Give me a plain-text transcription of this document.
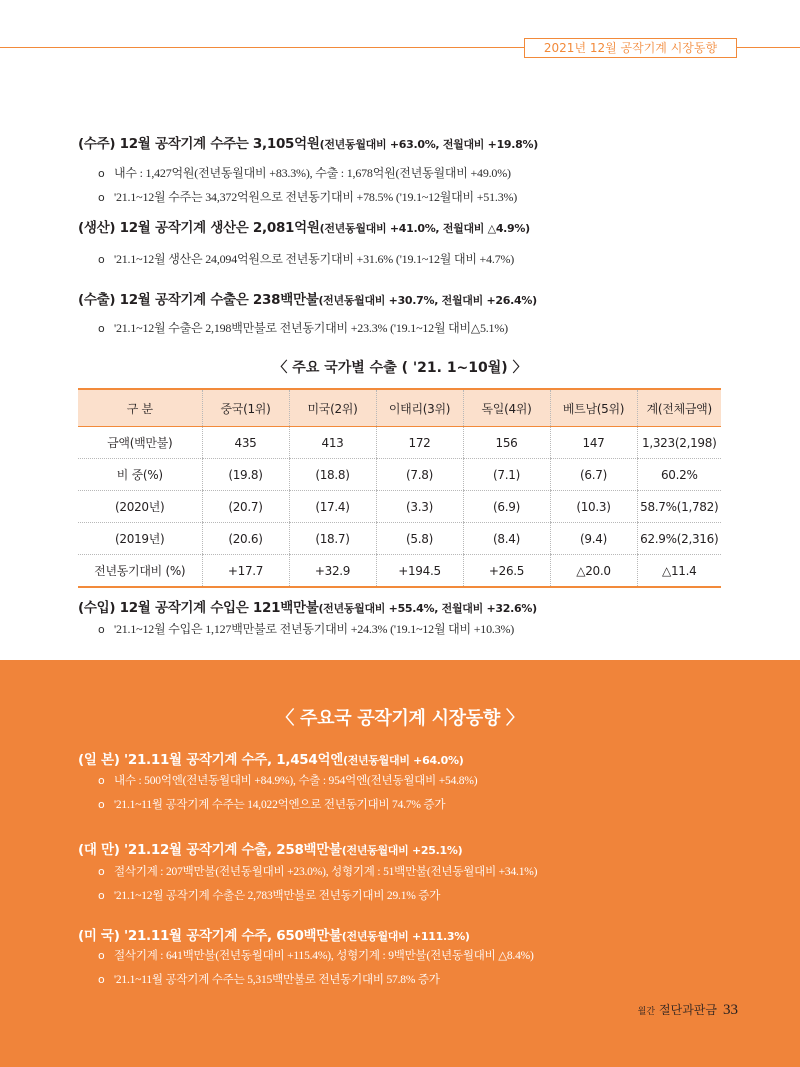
2021년 12월 공작기계 시장동향
(수주) 12월 공작기계 수주는 3,105억원(전년동월대비 +63.0%, 전월대비 +19.8%)
o 내수 : 1,427억원(전년동월대비 +83.3%), 수출 : 1,678억원(전년동월대비 +49.0%)
o '21.1~12월 수주는 34,372억원으로 전년동기대비 +78.5% ('19.1~12월대비 +51.3%)
(생산) 12월 공작기계 생산은 2,081억원(전년동월대비 +41.0%, 전월대비 △4.9%)
o '21.1~12월 생산은 24,094억원으로 전년동기대비 +31.6% ('19.1~12월 대비 +4.7%)
(수출) 12월 공작기계 수출은 238백만불(전년동월대비 +30.7%, 전월대비 +26.4%)
o '21.1~12월 수출은 2,198백만불로 전년동기대비 +23.3% ('19.1~12월 대비△5.1%)
〈 주요 국가별 수출 ( '21. 1~10월) 〉
구 분	중국(1위)	미국(2위)	이태리(3위)	독일(4위)	베트남(5위)	계(전체금액)
금액(백만불)	435	413	172	156	147	1,323(2,198)
비 중(%)	(19.8)	(18.8)	(7.8)	(7.1)	(6.7)	60.2%
(2020년)	(20.7)	(17.4)	(3.3)	(6.9)	(10.3)	58.7%(1,782)
(2019년)	(20.6)	(18.7)	(5.8)	(8.4)	(9.4)	62.9%(2,316)
전년동기대비 (%)	+17.7	+32.9	+194.5	+26.5	△20.0	△11.4
(수입) 12월 공작기계 수입은 121백만불(전년동월대비 +55.4%, 전월대비 +32.6%)
o '21.1~12월 수입은 1,127백만불로 전년동기대비 +24.3% ('19.1~12월 대비 +10.3%)
〈 주요국 공작기계 시장동향 〉
(일 본) '21.11월 공작기계 수주, 1,454억엔(전년동월대비 +64.0%)
o 내수 : 500억엔(전년동월대비 +84.9%), 수출 : 954억엔(전년동월대비 +54.8%)
o '21.1~11월 공작기계 수주는 14,022억엔으로 전년동기대비 74.7% 증가
(대 만) '21.12월 공작기계 수출, 258백만불(전년동월대비 +25.1%)
o 절삭기계 : 207백만불(전년동월대비 +23.0%), 성형기계 : 51백만불(전년동월대비 +34.1%)
o '21.1~12월 공작기계 수출은 2,783백만불로 전년동기대비 29.1% 증가
(미 국) '21.11월 공작기계 수주, 650백만불(전년동월대비 +111.3%)
o 절삭기계 : 641백만불(전년동월대비 +115.4%), 성형기계 : 9백만불(전년동월대비 △8.4%)
o '21.1~11월 공작기계 수주는 5,315백만불로 전년동기대비 57.8% 증가
월간 절단과판금 33
